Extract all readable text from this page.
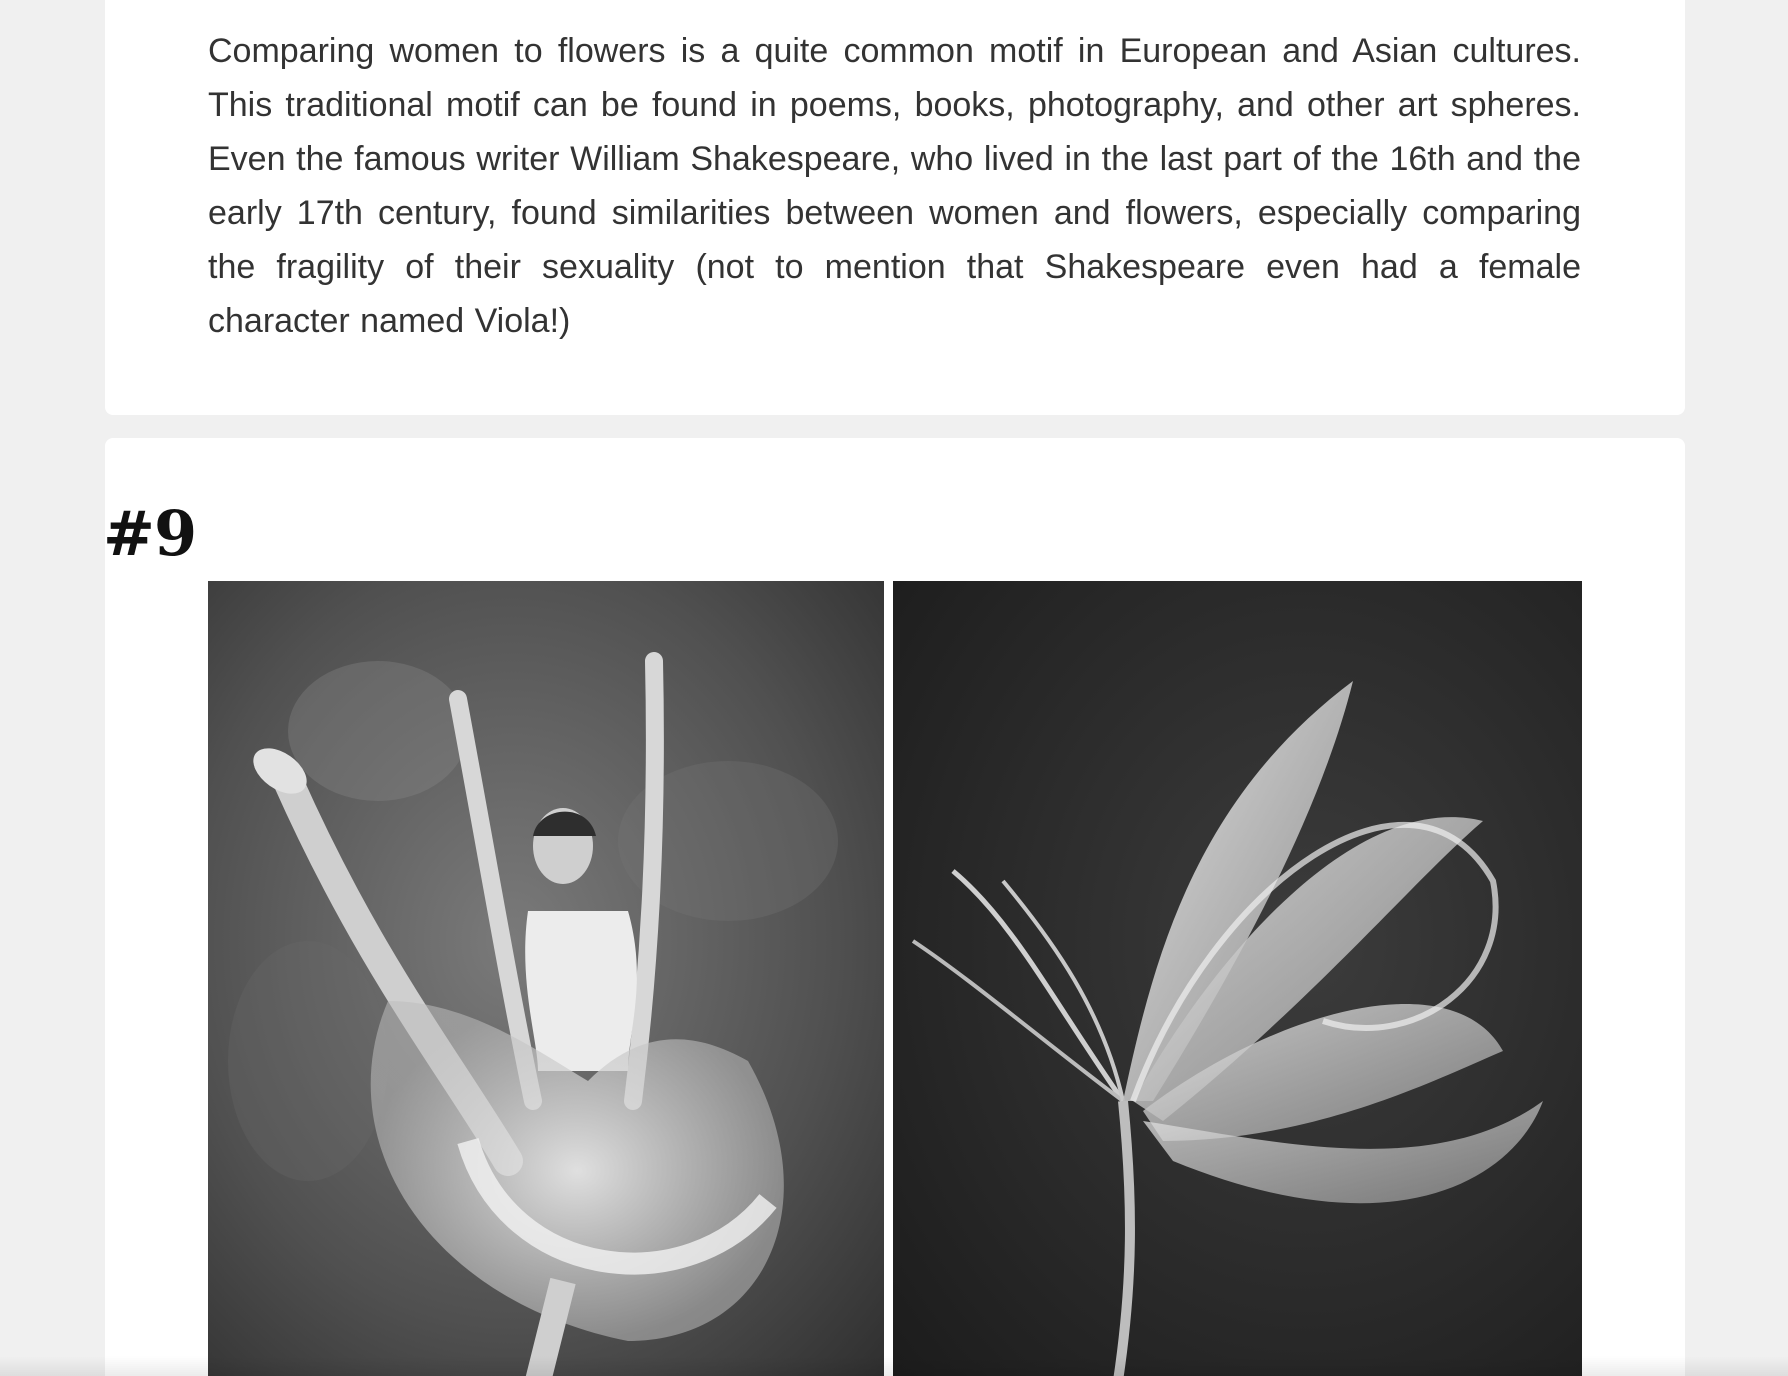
Comparing women to flowers is a quite common motif in European and Asian cultures. This traditional motif can be found in poems, books, photography, and other art spheres. Even the famous writer William Shakespeare, who lived in the last part of the 16th and the early 17th century, found similarities between women and flowers, especially comparing the fragility of their sexuality (not to mention that Shakespeare even had a female character named Viola!)

#9
